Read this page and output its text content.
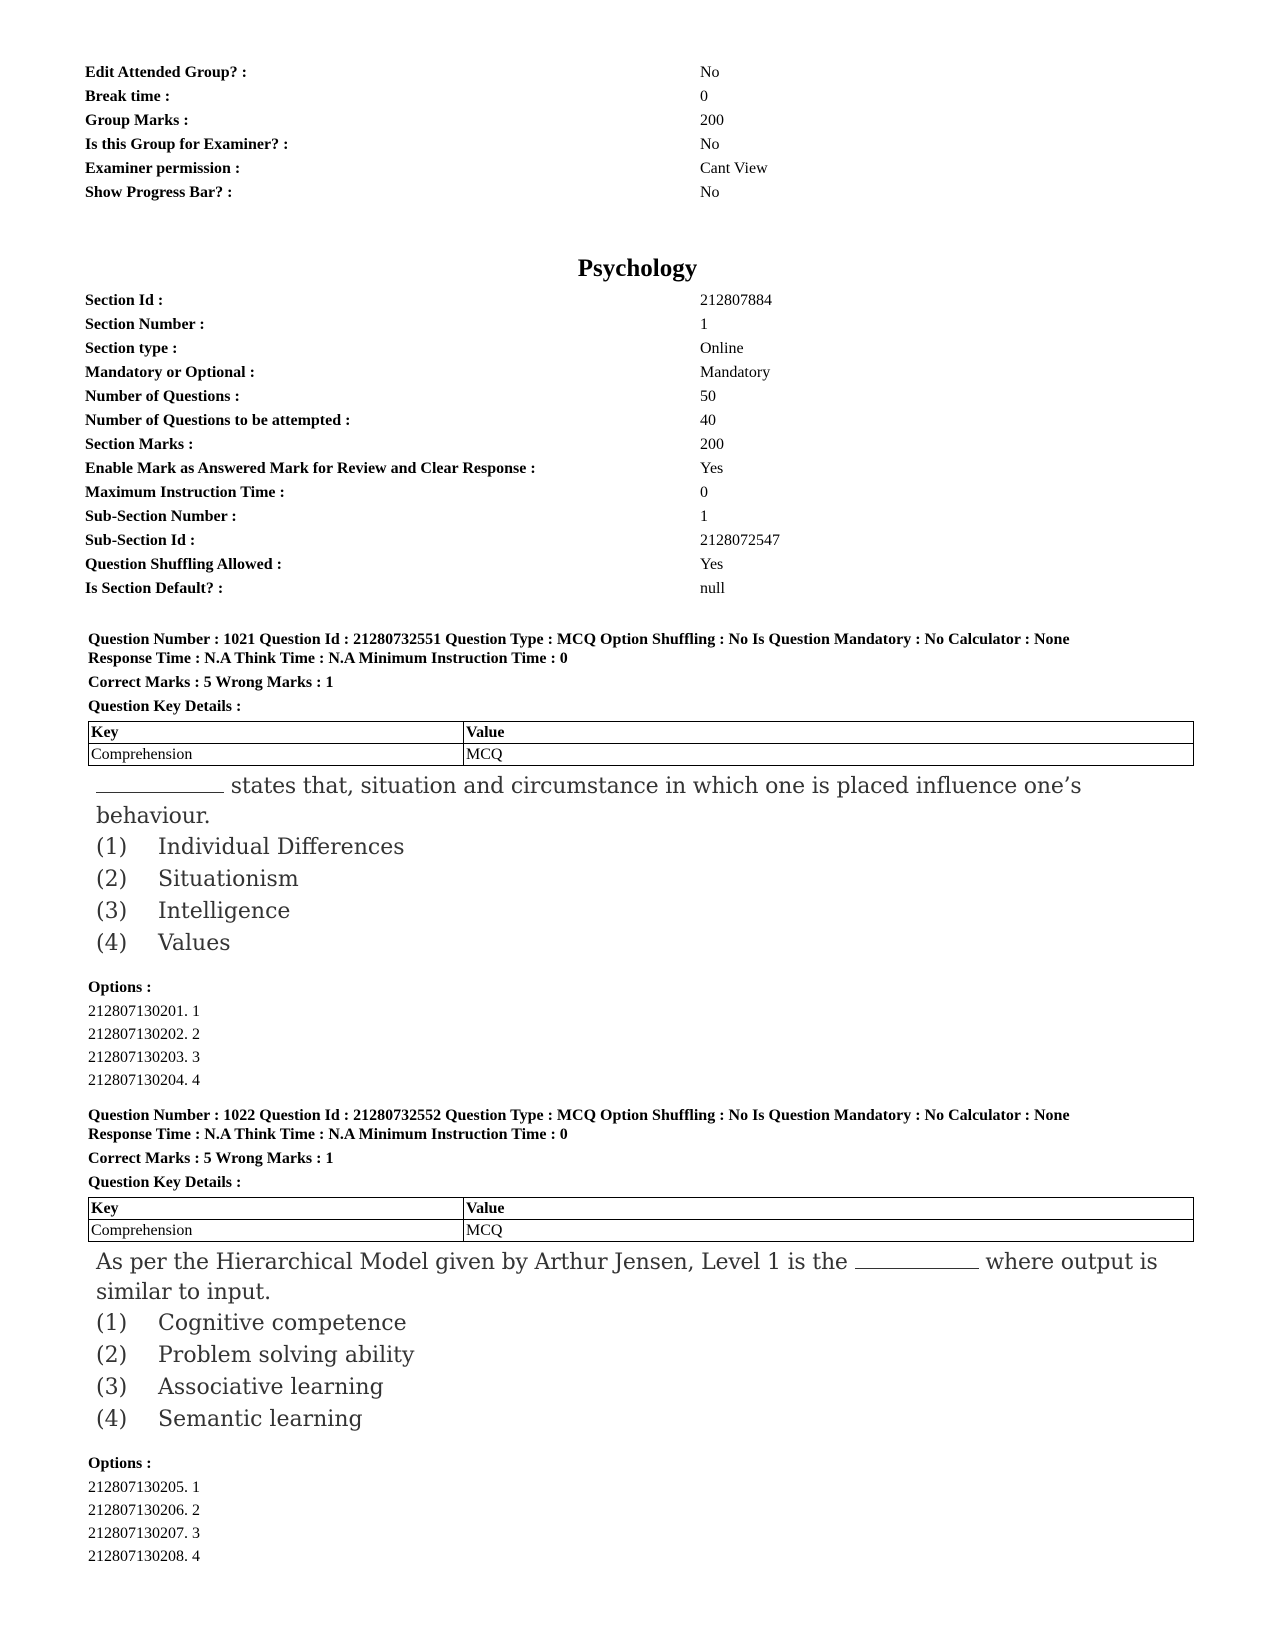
Edit Attended Group? :	No
Break time :	0
Group Marks :	200
Is this Group for Examiner? :	No
Examiner permission :	Cant View
Show Progress Bar? :	No
Psychology
Section Id :	212807884
Section Number :	1
Section type :	Online
Mandatory or Optional :	Mandatory
Number of Questions :	50
Number of Questions to be attempted :	40
Section Marks :	200
Enable Mark as Answered Mark for Review and Clear Response :	Yes
Maximum Instruction Time :	0
Sub-Section Number :	1
Sub-Section Id :	2128072547
Question Shuffling Allowed :	Yes
Is Section Default? :	null
Question Number : 1021 Question Id : 21280732551 Question Type : MCQ Option Shuffling : No Is Question Mandatory : No Calculator : None
Response Time : N.A Think Time : N.A Minimum Instruction Time : 0
Correct Marks : 5 Wrong Marks : 1
Question Key Details :
Key	Value
Comprehension	MCQ
states that, situation and circumstance in which one is placed influence one’s behaviour.
(1) Individual Differences
(2) Situationism
(3) Intelligence
(4) Values
Options :
212807130201. 1
212807130202. 2
212807130203. 3
212807130204. 4
Question Number : 1022 Question Id : 21280732552 Question Type : MCQ Option Shuffling : No Is Question Mandatory : No Calculator : None
Response Time : N.A Think Time : N.A Minimum Instruction Time : 0
Correct Marks : 5 Wrong Marks : 1
Question Key Details :
Key	Value
Comprehension	MCQ
As per the Hierarchical Model given by Arthur Jensen, Level 1 is the	where output is similar to input.
(1) Cognitive competence
(2) Problem solving ability
(3) Associative learning
(4) Semantic learning
Options :
212807130205. 1
212807130206. 2
212807130207. 3
212807130208. 4
